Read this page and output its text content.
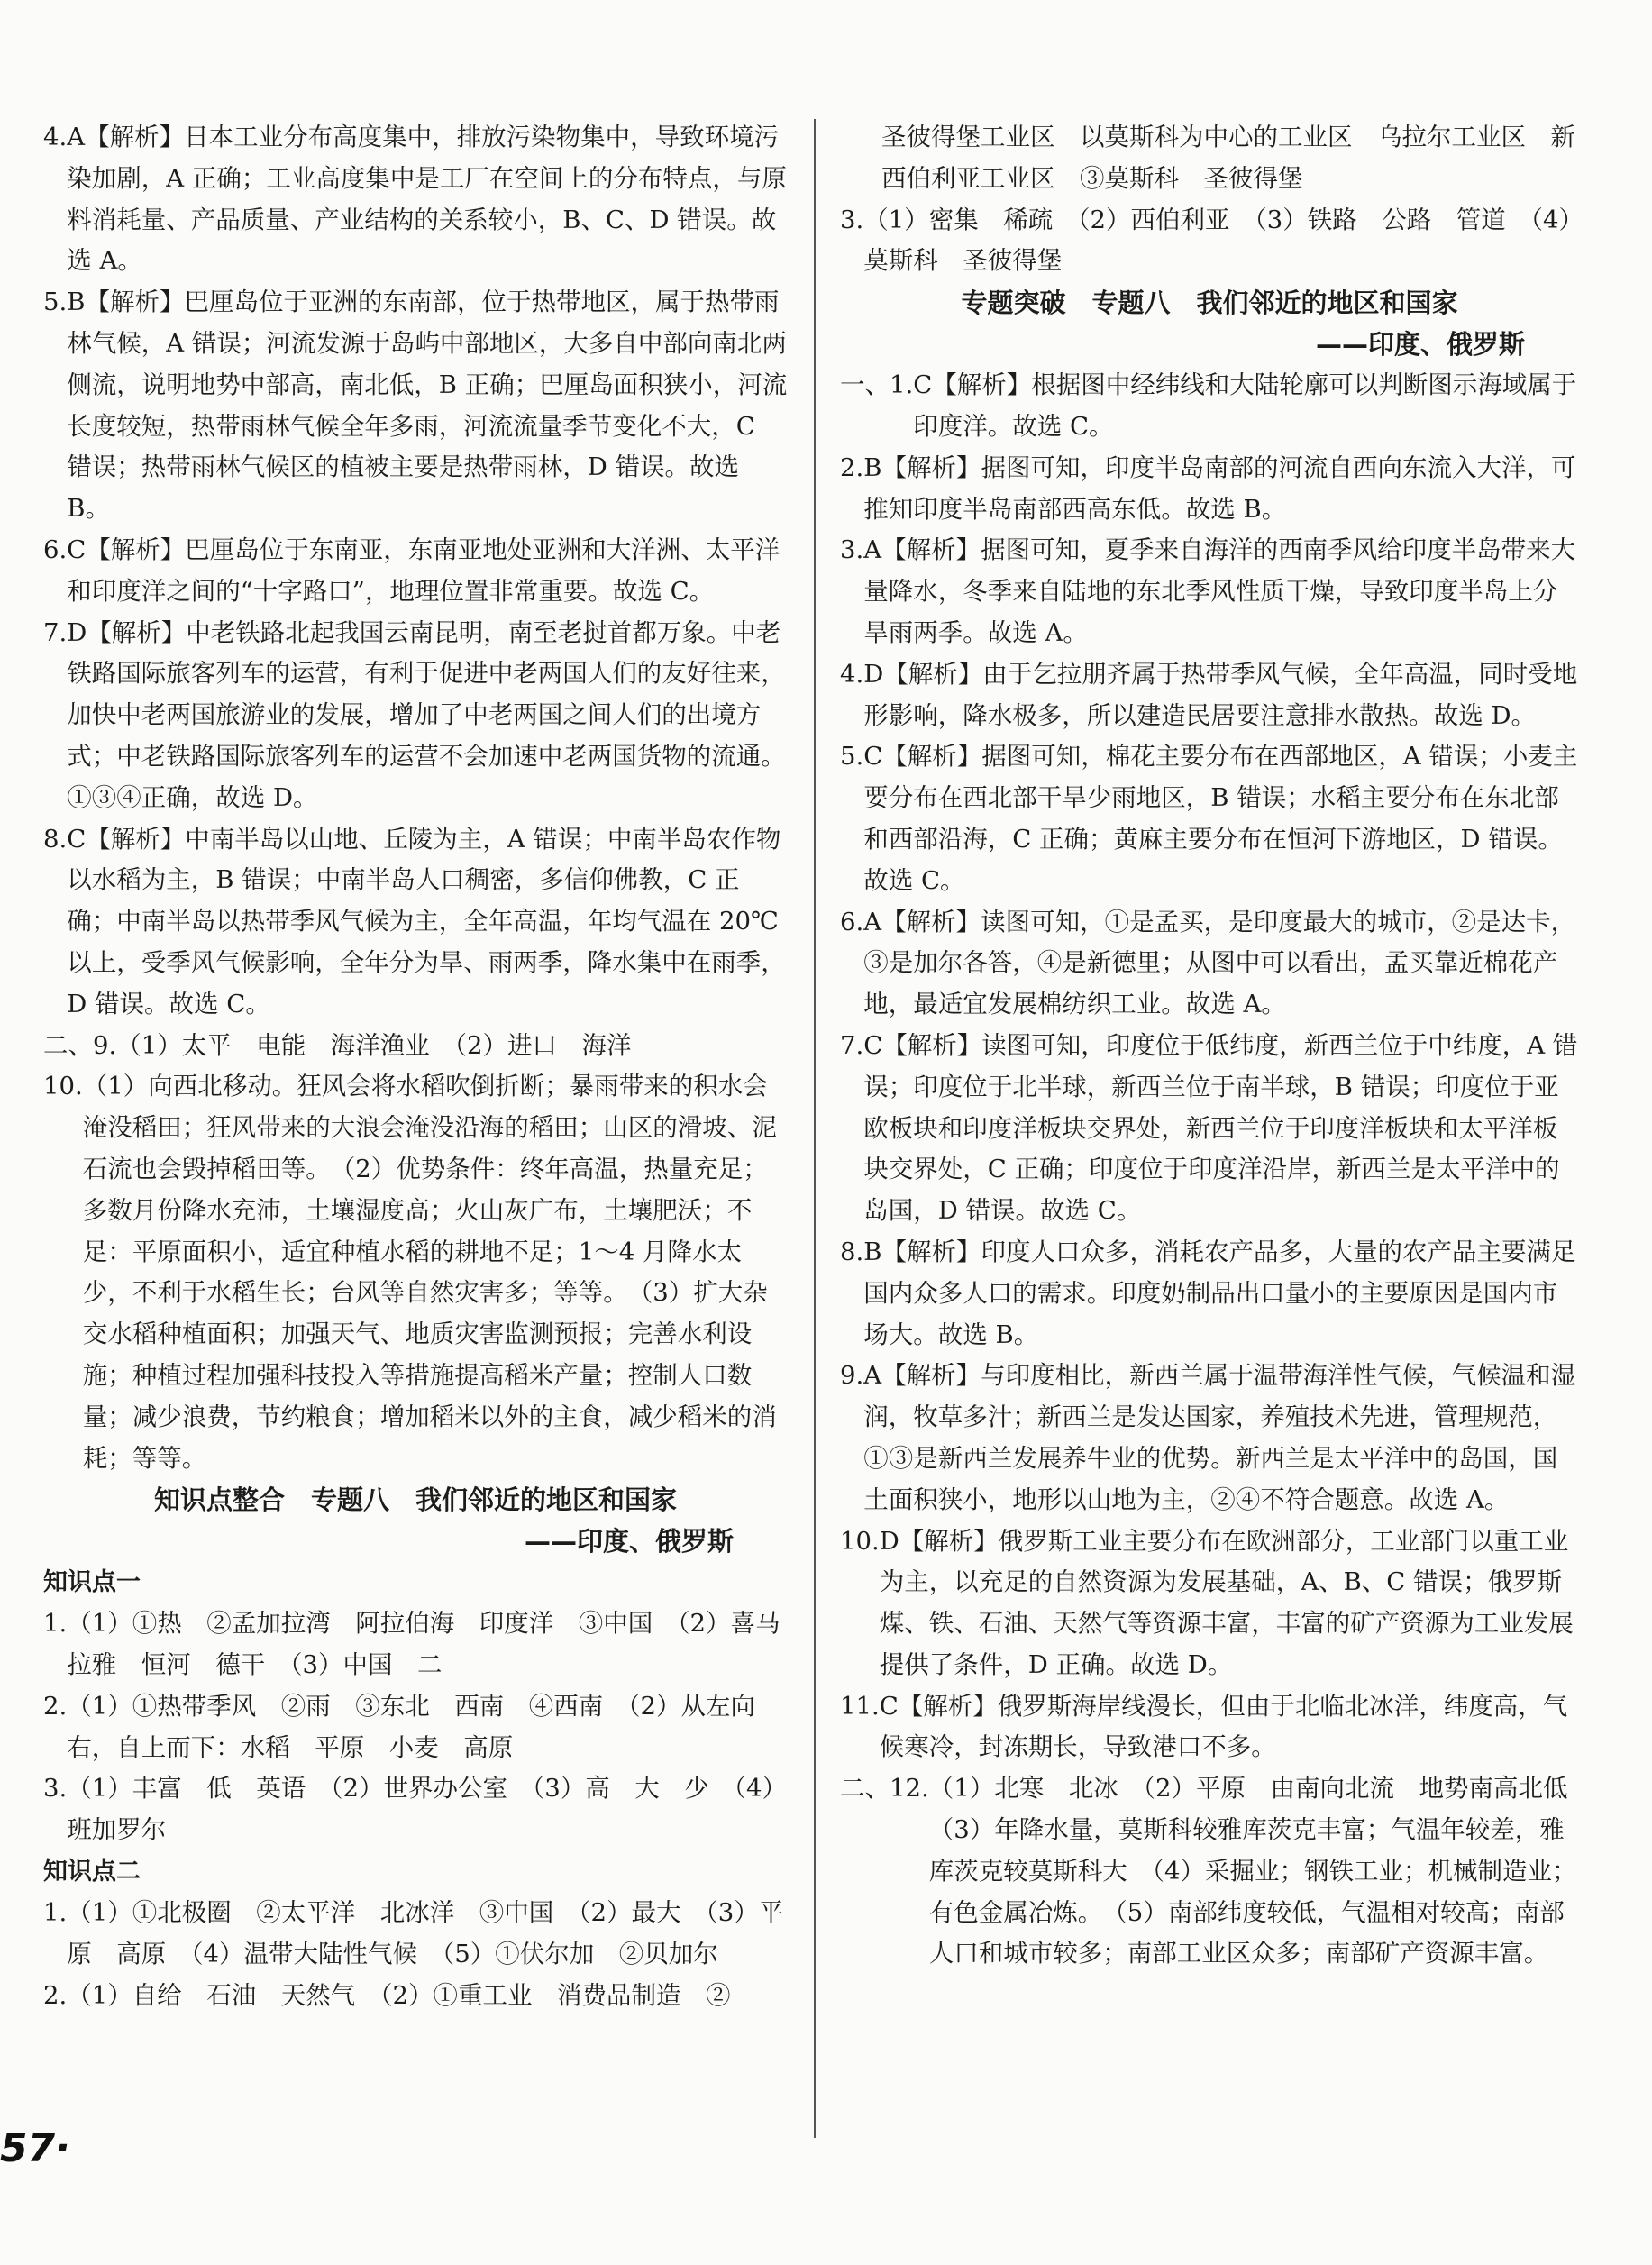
4. A【解析】日本工业分布高度集中，排放污染物集中，导致环境污染加剧，A 正确；工业高度集中是工厂在空间上的分布特点，与原料消耗量、产品质量、产业结构的关系较小，B、C、D 错误。故选 A。
5. B【解析】巴厘岛位于亚洲的东南部，位于热带地区，属于热带雨林气候，A 错误；河流发源于岛屿中部地区，大多自中部向南北两侧流，说明地势中部高，南北低，B 正确；巴厘岛面积狭小，河流长度较短，热带雨林气候全年多雨，河流流量季节变化不大，C 错误；热带雨林气候区的植被主要是热带雨林，D 错误。故选 B。
6. C【解析】巴厘岛位于东南亚，东南亚地处亚洲和大洋洲、太平洋和印度洋之间的“十字路口”，地理位置非常重要。故选 C。
7. D【解析】中老铁路北起我国云南昆明，南至老挝首都万象。中老铁路国际旅客列车的运营，有利于促进中老两国人们的友好往来，加快中老两国旅游业的发展，增加了中老两国之间人们的出境方式；中老铁路国际旅客列车的运营不会加速中老两国货物的流通。①③④正确，故选 D。
8. C【解析】中南半岛以山地、丘陵为主，A 错误；中南半岛农作物以水稻为主，B 错误；中南半岛人口稠密，多信仰佛教，C 正确；中南半岛以热带季风气候为主，全年高温，年均气温在 20℃以上，受季风气候影响，全年分为旱、雨两季，降水集中在雨季，D 错误。故选 C。
二、9. （1）太平　电能　海洋渔业　（2）进口　海洋
10. （1）向西北移动。狂风会将水稻吹倒折断；暴雨带来的积水会淹没稻田；狂风带来的大浪会淹没沿海的稻田；山区的滑坡、泥石流也会毁掉稻田等。　（2）优势条件：终年高温，热量充足；多数月份降水充沛，土壤湿度高；火山灰广布，土壤肥沃；不足：平原面积小，适宜种植水稻的耕地不足；1～4 月降水太少，不利于水稻生长；台风等自然灾害多；等等。　（3）扩大杂交水稻种植面积；加强天气、地质灾害监测预报；完善水利设施；种植过程加强科技投入等措施提高稻米产量；控制人口数量；减少浪费，节约粮食；增加稻米以外的主食，减少稻米的消耗；等等。

知识点整合　专题八　我们邻近的地区和国家

——印度、俄罗斯

知识点一

1. （1）①热　②孟加拉湾　阿拉伯海　印度洋　③中国　（2）喜马拉雅　恒河　德干　（3）中国　二
2. （1）①热带季风　②雨　③东北　西南　④西南　（2）从左向右，自上而下：水稻　平原　小麦　高原
3. （1）丰富　低　英语　（2）世界办公室　（3）高　大　少　（4）班加罗尔

知识点二

1. （1）①北极圈　②太平洋　北冰洋　③中国　（2）最大　（3）平原　高原　（4）温带大陆性气候　（5）①伏尔加　②贝加尔
2. （1）自给　石油　天然气　（2）①重工业　消费品制造　②

圣彼得堡工业区　以莫斯科为中心的工业区　乌拉尔工业区　新西伯利亚工业区　③莫斯科　圣彼得堡

3. （1）密集　稀疏　（2）西伯利亚　（3）铁路　公路　管道　（4）莫斯科　圣彼得堡

专题突破　专题八　我们邻近的地区和国家

——印度、俄罗斯

一、1. C【解析】根据图中经纬线和大陆轮廓可以判断图示海域属于印度洋。故选 C。
2. B【解析】据图可知，印度半岛南部的河流自西向东流入大洋，可推知印度半岛南部西高东低。故选 B。
3. A【解析】据图可知，夏季来自海洋的西南季风给印度半岛带来大量降水，冬季来自陆地的东北季风性质干燥，导致印度半岛上分旱雨两季。故选 A。
4. D【解析】由于乞拉朋齐属于热带季风气候，全年高温，同时受地形影响，降水极多，所以建造民居要注意排水散热。故选 D。
5. C【解析】据图可知，棉花主要分布在西部地区，A 错误；小麦主要分布在西北部干旱少雨地区，B 错误；水稻主要分布在东北部和西部沿海，C 正确；黄麻主要分布在恒河下游地区，D 错误。故选 C。
6. A【解析】读图可知，①是孟买，是印度最大的城市，②是达卡，③是加尔各答，④是新德里；从图中可以看出，孟买靠近棉花产地，最适宜发展棉纺织工业。故选 A。
7. C【解析】读图可知，印度位于低纬度，新西兰位于中纬度，A 错误；印度位于北半球，新西兰位于南半球，B 错误；印度位于亚欧板块和印度洋板块交界处，新西兰位于印度洋板块和太平洋板块交界处，C 正确；印度位于印度洋沿岸，新西兰是太平洋中的岛国，D 错误。故选 C。
8. B【解析】印度人口众多，消耗农产品多，大量的农产品主要满足国内众多人口的需求。印度奶制品出口量小的主要原因是国内市场大。故选 B。
9. A【解析】与印度相比，新西兰属于温带海洋性气候，气候温和湿润，牧草多汁；新西兰是发达国家，养殖技术先进，管理规范，①③是新西兰发展养牛业的优势。新西兰是太平洋中的岛国，国土面积狭小，地形以山地为主，②④不符合题意。故选 A。
10. D【解析】俄罗斯工业主要分布在欧洲部分，工业部门以重工业为主，以充足的自然资源为发展基础，A、B、C 错误；俄罗斯煤、铁、石油、天然气等资源丰富，丰富的矿产资源为工业发展提供了条件，D 正确。故选 D。
11. C【解析】俄罗斯海岸线漫长，但由于北临北冰洋，纬度高，气候寒冷，封冻期长，导致港口不多。
二、12. （1）北寒　北冰　（2）平原　由南向北流　地势南高北低　（3）年降水量，莫斯科较雅库茨克丰富；气温年较差，雅库茨克较莫斯科大　（4）采掘业；钢铁工业；机械制造业；有色金属冶炼。　（5）南部纬度较低，气温相对较高；南部人口和城市较多；南部工业区众多；南部矿产资源丰富。
57·
